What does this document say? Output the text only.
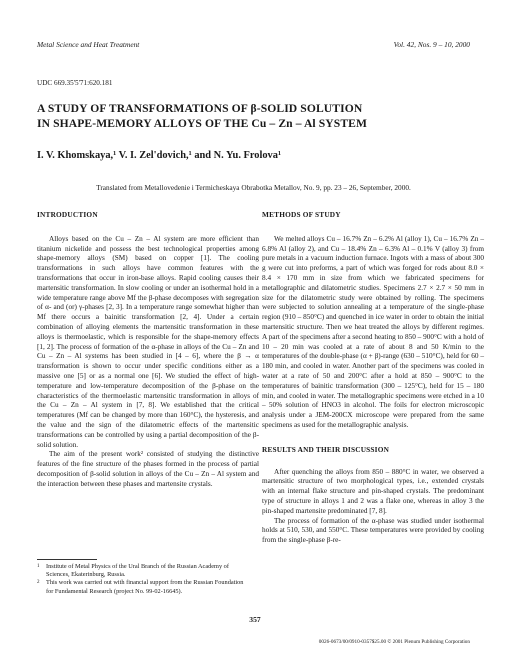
Metal Science and Heat Treatment	Vol. 42, Nos. 9 – 10, 2000
UDC 669.35'5'71:620.181
A STUDY OF TRANSFORMATIONS OF β-SOLID SOLUTION
IN SHAPE-MEMORY ALLOYS OF THE Cu – Zn – Al SYSTEM
I. V. Khomskaya,¹ V. I. Zel'dovich,¹ and N. Yu. Frolova¹
Translated from Metallovedenie i Termicheskaya Obrabotka Metallov, No. 9, pp. 23 – 26, September, 2000.
INTRODUCTION

Alloys based on the Cu – Zn – Al system are more efficient than titanium nickelide and possess the best technological properties among shape-memory alloys (SM) based on copper [1]. The cooling transformations in such alloys have common features with the transformations that occur in iron-base alloys. Rapid cooling causes their martensitic transformation. In slow cooling or under an isothermal hold in a wide temperature range above Mf the β-phase decomposes with segregation of α- and (or) γ-phases [2, 3]. In a temperature range somewhat higher than Mf there occurs a bainitic transformation [2, 4]. Under a certain combination of alloying elements the martensitic transformation in these alloys is thermoelastic, which is responsible for the shape-memory effects [1, 2]. The process of formation of the α-phase in alloys of the Cu – Zn and Cu – Zn – Al systems has been studied in [4 – 6], where the β → α transformation is shown to occur under specific conditions either as a massive one [5] or as a normal one [6]. We studied the effect of high-temperature and low-temperature decomposition of the β-phase on the characteristics of the thermoelastic martensitic transformation in alloys of the Cu – Zn – Al system in [7, 8]. We established that the critical temperatures (Mf can be changed by more than 160°C), the hysteresis, and the value and the sign of the dilatometric effects of the martensitic transformations can be controlled by using a partial decomposition of the β-solid solution.

The aim of the present work² consisted of studying the distinctive features of the fine structure of the phases formed in the process of partial decomposition of β-solid solution in alloys of the Cu – Zn – Al system and the interaction between these phases and martensite crystals.

1	Institute of Metal Physics of the Ural Branch of the Russian Academy of Sciences, Ekaterinburg, Russia.
2	This work was carried out with financial support from the Russian Foundation for Fundamental Research (project No. 99-02-16645).
METHODS OF STUDY

We melted alloys Cu – 16.7% Zn – 6.2% Al (alloy 1), Cu – 16.7% Zn – 6.8% Al (alloy 2), and Cu – 18.4% Zn – 6.3% Al – 0.1% V (alloy 3) from pure metals in a vacuum induction furnace. Ingots with a mass of about 300 g were cut into preforms, a part of which was forged for rods about 8.0 × 8.4 × 170 mm in size from which we fabricated specimens for metallographic and dilatometric studies. Specimens 2.7 × 2.7 × 50 mm in size for the dilatometric study were obtained by rolling. The specimens were subjected to solution annealing at a temperature of the single-phase region (910 – 850°C) and quenched in ice water in order to obtain the initial martensitic structure. Then we heat treated the alloys by different regimes. A part of the specimens after a second heating to 850 – 900°C with a hold of 10 – 20 min was cooled at a rate of about 8 and 50 K/min to the temperatures of the double-phase (α + β)-range (630 – 510°C), held for 60 – 180 min, and cooled in water. Another part of the specimens was cooled in water at a rate of 50 and 200°C after a hold at 850 – 900°C to the temperatures of bainitic transformation (300 – 125°C), held for 15 – 180 min, and cooled in water. The metallographic specimens were etched in a 10 – 50% solution of HNO3 in alcohol. The foils for electron microscopic analysis under a JEM-200CX microscope were prepared from the same specimens as used for the metallographic analysis.

RESULTS AND THEIR DISCUSSION

After quenching the alloys from 850 – 880°C in water, we observed a martensitic structure of two morphological types, i.e., extended crystals with an internal flake structure and pin-shaped crystals. The predominant type of structure in alloys 1 and 2 was a flake one, whereas in alloy 3 the pin-shaped martensite predominated [7, 8].

The process of formation of the α-phase was studied under isothermal holds at 510, 530, and 550°C. These temperatures were provided by cooling from the single-phase β-re-

357
0026-0673/00/0910-0357$25.00 © 2001 Plenum Publishing Corporation
